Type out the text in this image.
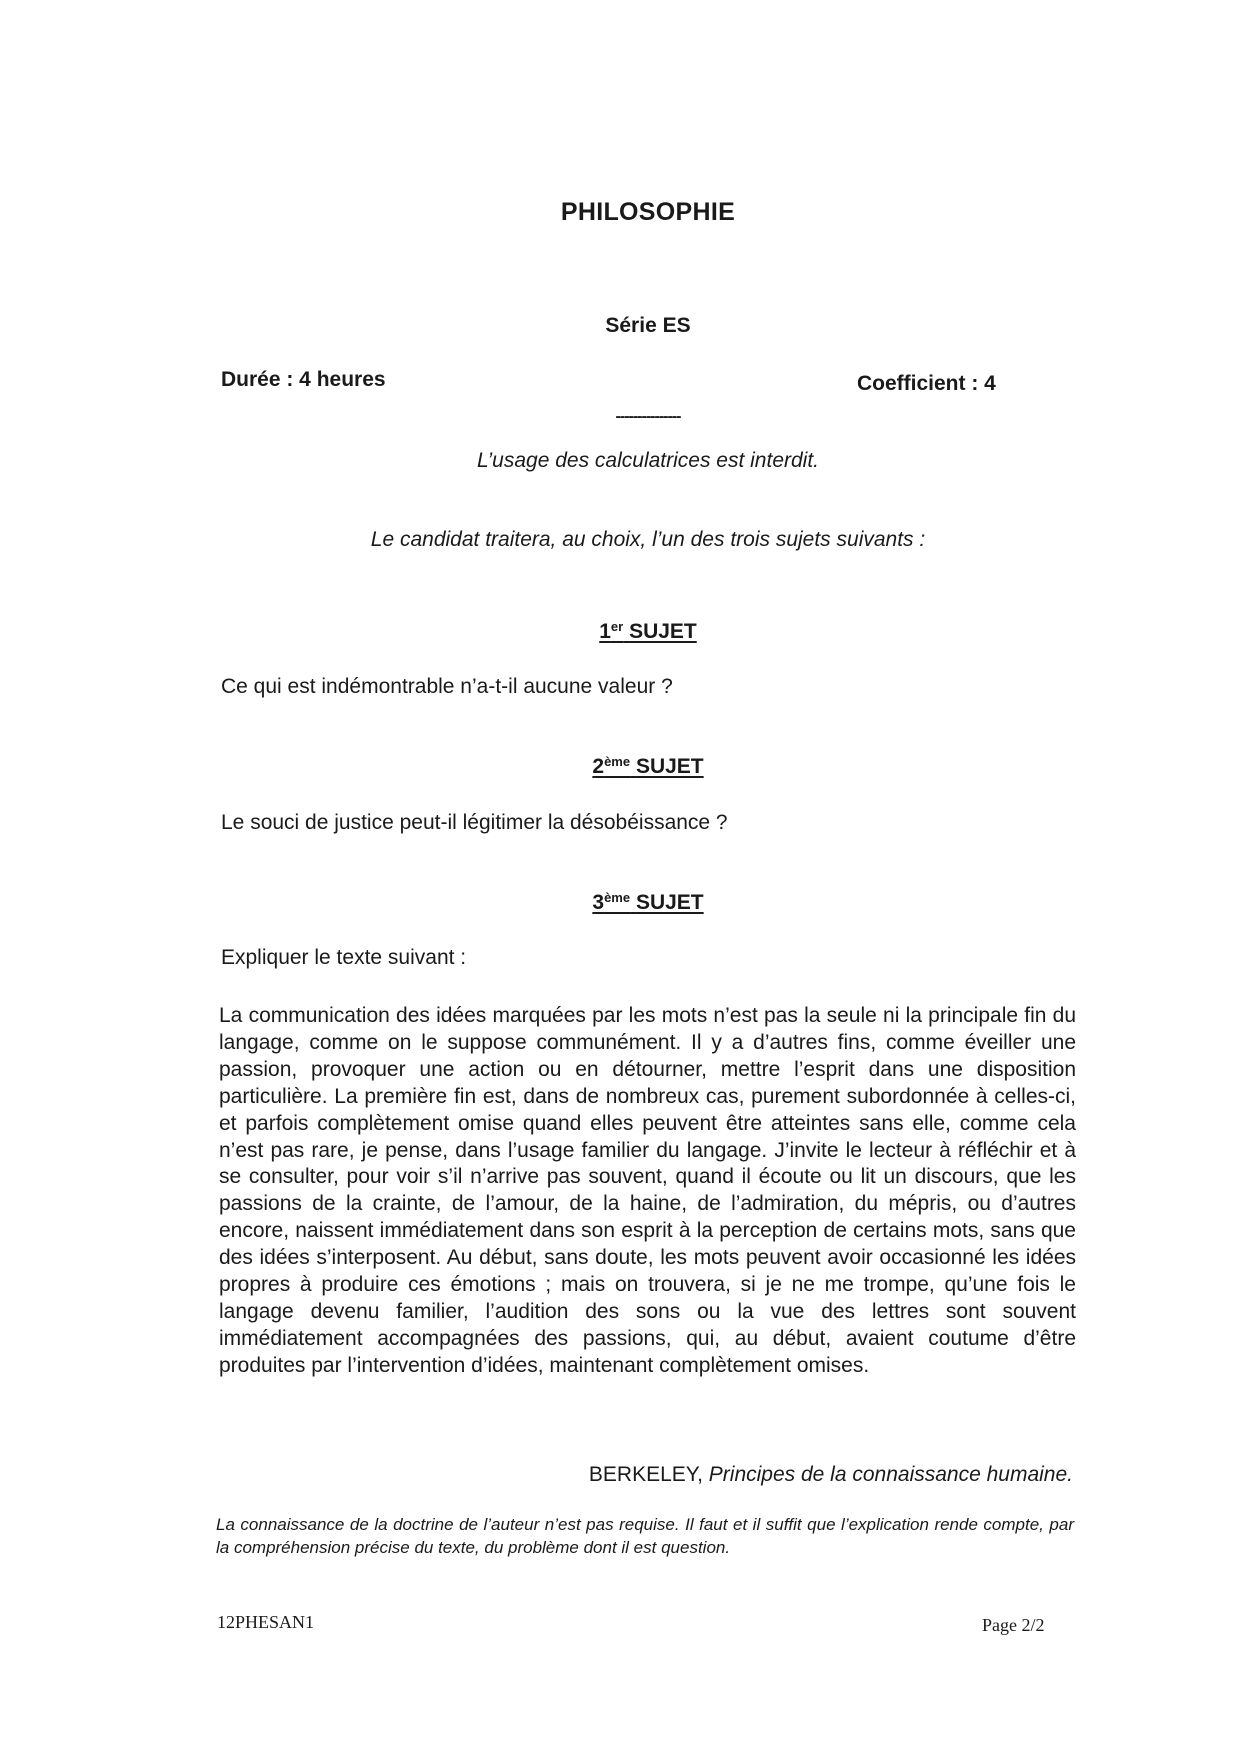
PHILOSOPHIE
Série ES
Durée : 4 heures	Coefficient : 4
---------------
L’usage des calculatrices est interdit.
Le candidat traitera, au choix, l’un des trois sujets suivants :
1er SUJET
Ce qui est indémontrable n’a-t-il aucune valeur ?
2ème SUJET
Le souci de justice peut-il légitimer la désobéissance ?
3ème SUJET
Expliquer le texte suivant :

La communication des idées marquées par les mots n’est pas la seule ni la principale fin du langage, comme on le suppose communément. Il y a d’autres fins, comme éveiller une passion, provoquer une action ou en détourner, mettre l’esprit dans une disposition particulière. La première fin est, dans de nombreux cas, purement subordonnée à celles-ci, et parfois complètement omise quand elles peuvent être atteintes sans elle, comme cela n’est pas rare, je pense, dans l’usage familier du langage. J’invite le lecteur à réfléchir et à se consulter, pour voir s’il n’arrive pas souvent, quand il écoute ou lit un discours, que les passions de la crainte, de l’amour, de la haine, de l’admiration, du mépris, ou d’autres encore, naissent immédiatement dans son esprit à la perception de certains mots, sans que des idées s’interposent. Au début, sans doute, les mots peuvent avoir occasionné les idées propres à produire ces émotions ; mais on trouvera, si je ne me trompe, qu’une fois le langage devenu familier, l’audition des sons ou la vue des lettres sont souvent immédiatement accompagnées des passions, qui, au début, avaient coutume d’être produites par l’intervention d’idées, maintenant complètement omises.

BERKELEY, Principes de la connaissance humaine.

La connaissance de la doctrine de l’auteur n’est pas requise. Il faut et il suffit que l’explication rende compte, par la compréhension précise du texte, du problème dont il est question.

12PHESAN1	Page 2/2
